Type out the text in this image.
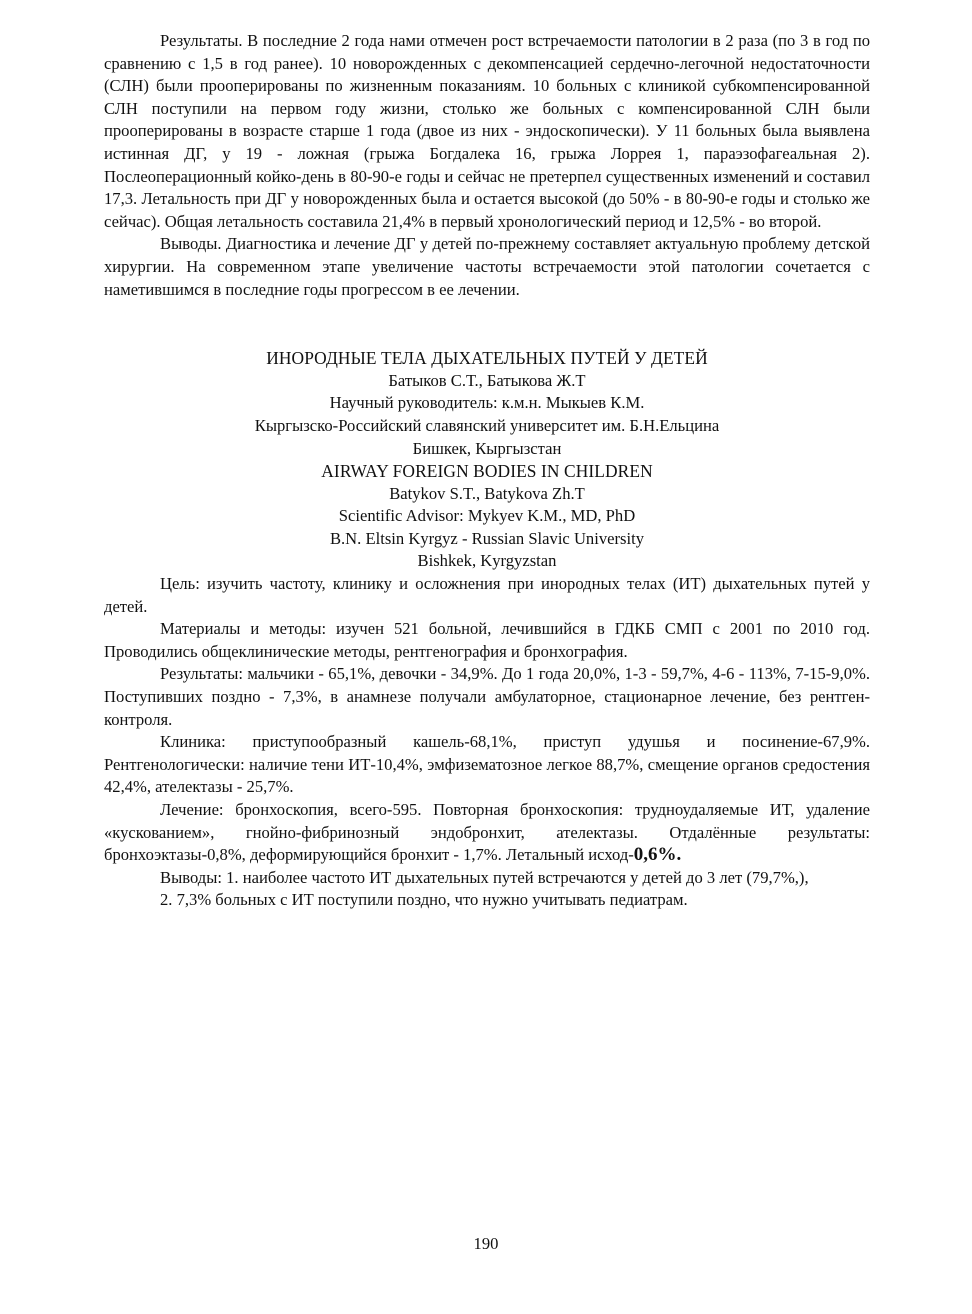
Результаты. В последние 2 года нами отмечен рост встречаемости патологии в 2 раза (по 3 в год по сравнению с 1,5 в год ранее). 10 новорожденных с декомпенсацией сердечно-легочной недостаточности (СЛН) были прооперированы по жизненным показаниям. 10 больных с клиникой субкомпенсированной СЛН поступили на первом году жизни, столько же больных с компенсированной СЛН были прооперированы в возрасте старше 1 года (двое из них - эндоскопически). У 11 больных была выявлена истинная ДГ, у 19 - ложная (грыжа Богдалека 16, грыжа Лоррея 1, параэзофагеальная 2). Послеоперационный койко-день в 80-90-е годы и сейчас не претерпел существенных изменений и составил 17,3. Летальность при ДГ у новорожденных была и остается высокой (до 50% - в 80-90-е годы и столько же сейчас). Общая летальность составила 21,4% в первый хронологический период и 12,5% - во второй.

Выводы. Диагностика и лечение ДГ у детей по-прежнему составляет актуальную проблему детской хирургии. На современном этапе увеличение частоты встречаемости этой патологии сочетается с наметившимся в последние годы прогрессом в ее лечении.

ИНОРОДНЫЕ ТЕЛА ДЫХАТЕЛЬНЫХ ПУТЕЙ У ДЕТЕЙ

Батыков С.Т., Батыкова Ж.Т

Научный руководитель: к.м.н. Мыкыев К.М.

Кыргызско-Российский славянский университет им. Б.Н.Ельцина

Бишкек, Кыргызстан

AIRWAY FOREIGN BODIES IN CHILDREN

Batykov S.T., Batykova Zh.T

Scientific Advisor: Mykyev K.M., MD, PhD

B.N. Eltsin Kyrgyz - Russian Slavic University

Bishkek, Kyrgyzstan

Цель: изучить частоту, клинику и осложнения при инородных телах (ИТ) дыхательных путей у детей.

Материалы и методы: изучен 521 больной, лечившийся в ГДКБ СМП с 2001 по 2010 год. Проводились общеклинические методы, рентгенография и бронхография.

Результаты: мальчики - 65,1%, девочки - 34,9%. До 1 года 20,0%, 1-3 - 59,7%, 4-6 - 113%, 7-15-9,0%. Поступивших поздно - 7,3%, в анамнезе получали амбулаторное, стационарное лечение, без рентген-контроля.

Клиника: приступообразный кашель-68,1%, приступ удушья и посинение-67,9%. Рентгенологически: наличие тени ИТ-10,4%, эмфизематозное легкое 88,7%, смещение органов средостения 42,4%, ателектазы - 25,7%.

Лечение: бронхоскопия, всего-595. Повторная бронхоскопия: трудноудаляемые ИТ, удаление «кускованием», гнойно-фибринозный эндобронхит, ателектазы. Отдалённые результаты: бронхоэктазы-0,8%, деформирующийся бронхит - 1,7%. Летальный исход-0,6%.

Выводы: 1. наиболее частото ИТ дыхательных путей встречаются у детей до 3 лет (79,7%,),

2. 7,3% больных с ИТ поступили поздно, что нужно учитывать педиатрам.

190
